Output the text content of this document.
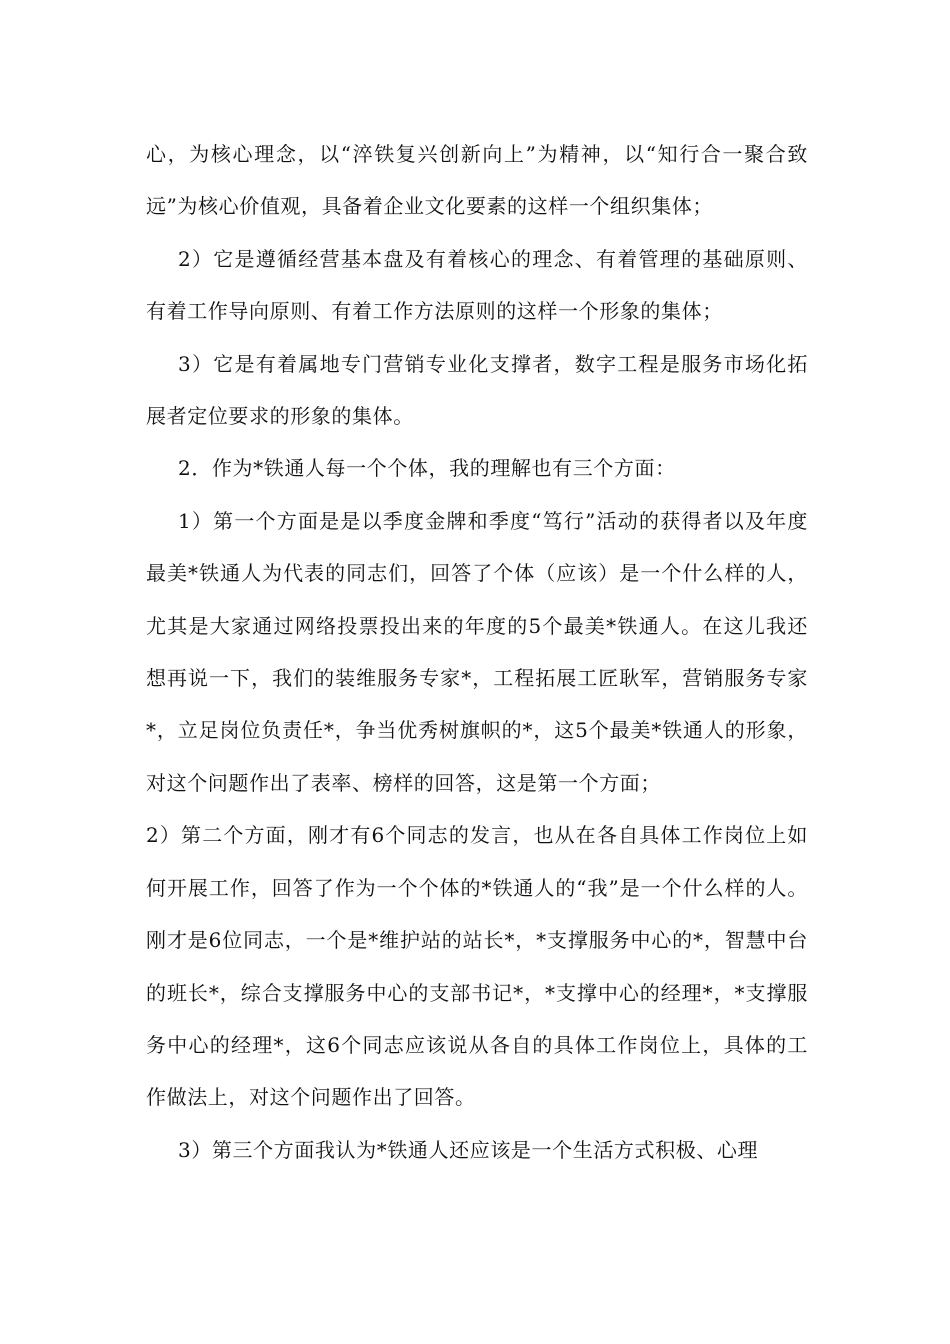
心，为核心理念，以“淬铁复兴创新向上”为精神，以“知行合一聚合致远”为核心价值观，具备着企业文化要素的这样一个组织集体；

2）它是遵循经营基本盘及有着核心的理念、有着管理的基础原则、有着工作导向原则、有着工作方法原则的这样一个形象的集体；

3）它是有着属地专门营销专业化支撑者，数字工程是服务市场化拓展者定位要求的形象的集体。

2．作为*铁通人每一个个体，我的理解也有三个方面：

1）第一个方面是是以季度金牌和季度“笃行”活动的获得者以及年度最美*铁通人为代表的同志们，回答了个体（应该）是一个什么样的人，尤其是大家通过网络投票投出来的年度的5个最美*铁通人。在这儿我还想再说一下，我们的装维服务专家*，工程拓展工匠耿军，营销服务专家*，立足岗位负责任*，争当优秀树旗帜的*，这5个最美*铁通人的形象，对这个问题作出了表率、榜样的回答，这是第一个方面；

2）第二个方面，刚才有6个同志的发言，也从在各自具体工作岗位上如何开展工作，回答了作为一个个体的*铁通人的“我”是一个什么样的人。刚才是6位同志，一个是*维护站的站长*，*支撑服务中心的*，智慧中台的班长*，综合支撑服务中心的支部书记*，*支撑中心的经理*，*支撑服务中心的经理*，这6个同志应该说从各自的具体工作岗位上，具体的工作做法上，对这个问题作出了回答。

3）第三个方面我认为*铁通人还应该是一个生活方式积极、心理
